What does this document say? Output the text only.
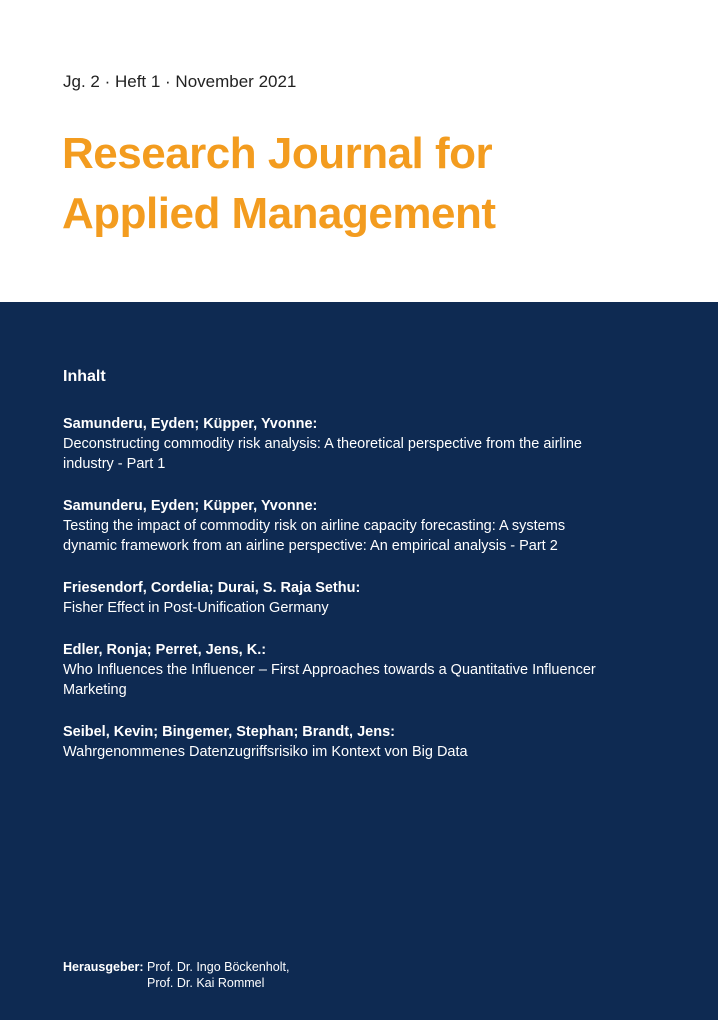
Jg. 2 · Heft 1 · November 2021
Research Journal for
Applied Management
Inhalt
Samunderu, Eyden; Küpper, Yvonne:
Deconstructing commodity risk analysis: A theoretical perspective from the airline industry - Part 1
Samunderu, Eyden; Küpper, Yvonne:
Testing the impact of commodity risk on airline capacity forecasting: A systems dynamic framework from an airline perspective: An empirical analysis - Part 2
Friesendorf, Cordelia; Durai, S. Raja Sethu:
Fisher Effect in Post-Unification Germany
Edler, Ronja; Perret, Jens, K.:
Who Influences the Influencer – First Approaches towards a Quantitative Influencer Marketing
Seibel, Kevin; Bingemer, Stephan; Brandt, Jens:
Wahrgenommenes Datenzugriffsrisiko im Kontext von Big Data
Herausgeber: Prof. Dr. Ingo Böckenholt,
Prof. Dr. Kai Rommel
